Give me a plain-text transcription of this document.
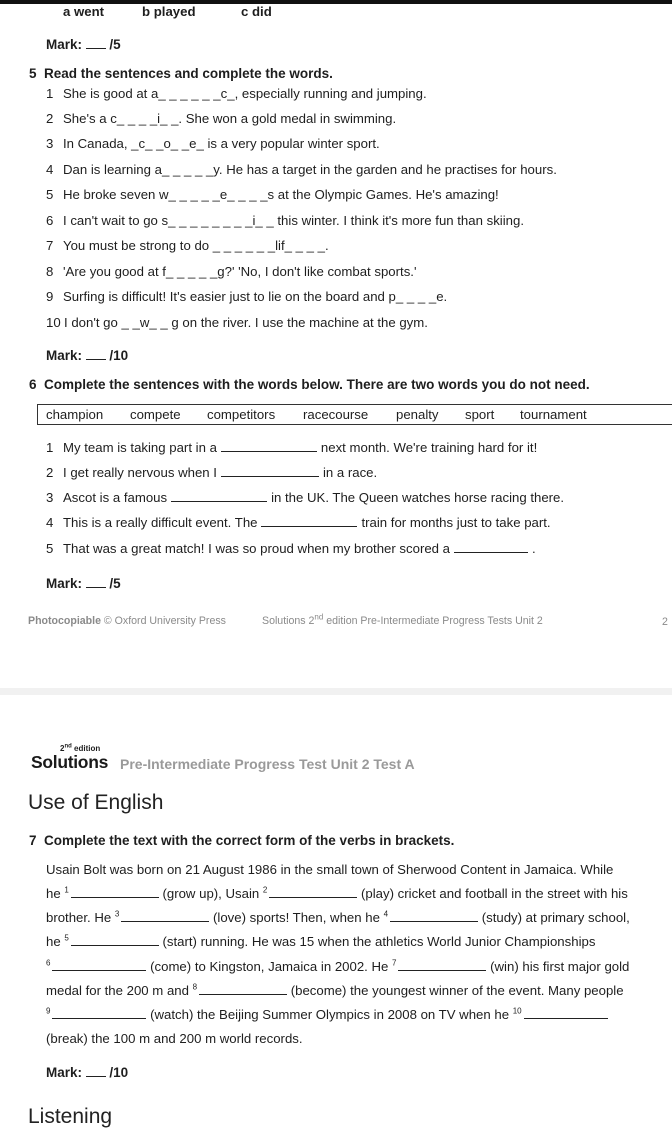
a went	b played	c did
Mark: /5
5 Read the sentences and complete the words.
1 She is good at a_ _ _ _ _ _c_, especially running and jumping.
2 She's a c_ _ _ _i_ _. She won a gold medal in swimming.
3 In Canada, _c_ _o_ _e_ is a very popular winter sport.
4 Dan is learning a_ _ _ _ _y. He has a target in the garden and he practises for hours.
5 He broke seven w_ _ _ _ _e_ _ _ _s at the Olympic Games. He's amazing!
6 I can't wait to go s_ _ _ _ _ _ _ _i_ _ this winter. I think it's more fun than skiing.
7 You must be strong to do _ _ _ _ _ _lif_ _ _ _.
8 'Are you good at f_ _ _ _ _g?' 'No, I don't like combat sports.'
9 Surfing is difficult! It's easier just to lie on the board and p_ _ _ _e.
10 I don't go _ _w_ _ g on the river. I use the machine at the gym.
Mark: /10
6 Complete the sentences with the words below. There are two words you do not need.
champion compete competitors racecourse penalty sport tournament
1 My team is taking part in a	next month. We're training hard for it!
2 I get really nervous when I	in a race.
3 Ascot is a famous	in the UK. The Queen watches horse racing there.
4 This is a really difficult event. The	train for months just to take part.
5 That was a great match! I was so proud when my brother scored a	.
Mark: /5
Photocopiable © Oxford University Press	Solutions 2nd edition Pre-Intermediate Progress Tests Unit 2	2
2nd edition
Solutions Pre-Intermediate Progress Test Unit 2 Test A
Use of English
7 Complete the text with the correct form of the verbs in brackets.
Usain Bolt was born on 21 August 1986 in the small town of Sherwood Content in Jamaica. While
he $^1$	(grow up), Usain $^2$	(play) cricket and football in the street with his
brother. He $^3$	(love) sports! Then, when he $^4$	(study) at primary school,
he $^5$	(start) running. He was 15 when the athletics World Junior Championships
$^6$	(come) to Kingston, Jamaica in 2002. He $^7$	(win) his first major gold
medal for the 200 m and $^8$	(become) the youngest winner of the event. Many people
$^9$	(watch) the Beijing Summer Olympics in 2008 on TV when he $^{10}$
(break) the 100 m and 200 m world records.
Mark: /10
Listening
